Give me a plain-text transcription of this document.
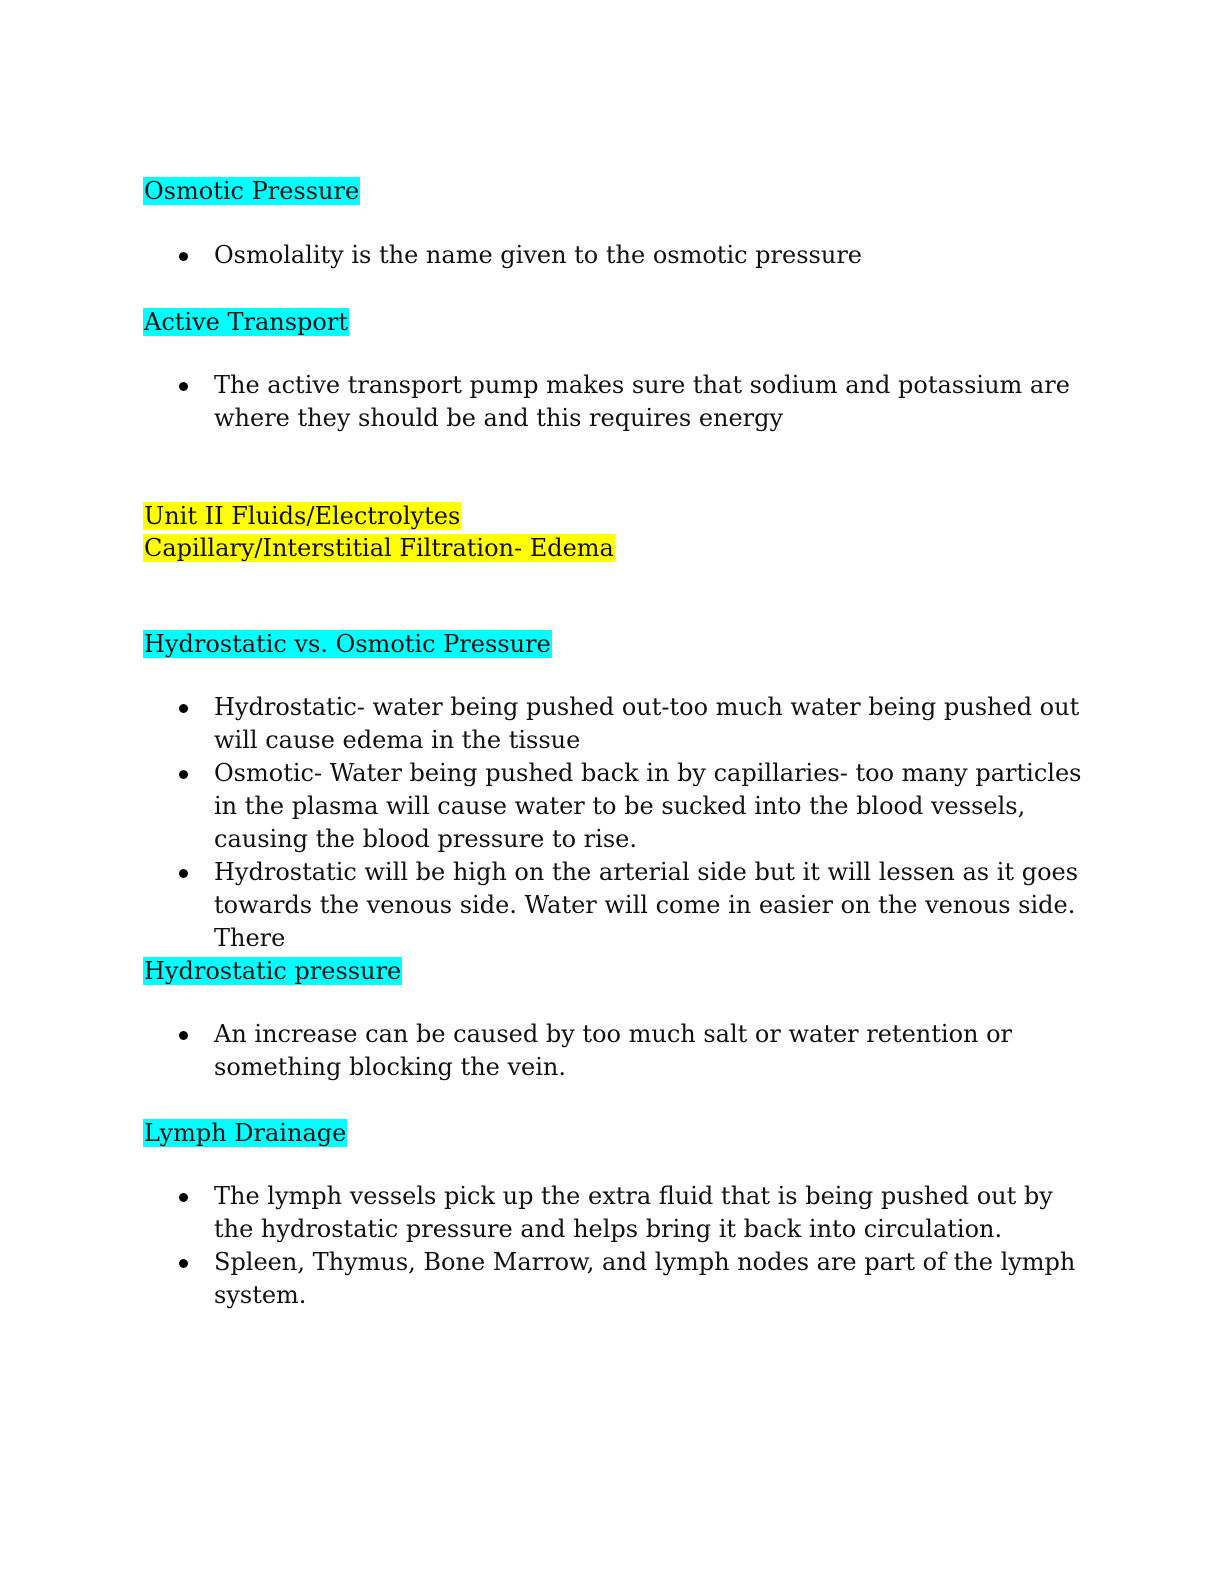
Osmotic Pressure
Osmolality is the name given to the osmotic pressure
Active Transport
The active transport pump makes sure that sodium and potassium are where they should be and this requires energy
Unit II Fluids/Electrolytes
Capillary/Interstitial Filtration- Edema
Hydrostatic vs. Osmotic Pressure
Hydrostatic- water being pushed out-too much water being pushed out will cause edema in the tissue
Osmotic- Water being pushed back in by capillaries- too many particles in the plasma will cause water to be sucked into the blood vessels, causing the blood pressure to rise.
Hydrostatic will be high on the arterial side but it will lessen as it goes towards the venous side. Water will come in easier on the venous side. There
Hydrostatic pressure
An increase can be caused by too much salt or water retention or something blocking the vein.
Lymph Drainage
The lymph vessels pick up the extra fluid that is being pushed out by the hydrostatic pressure and helps bring it back into circulation.
Spleen, Thymus, Bone Marrow, and lymph nodes are part of the lymph system.
